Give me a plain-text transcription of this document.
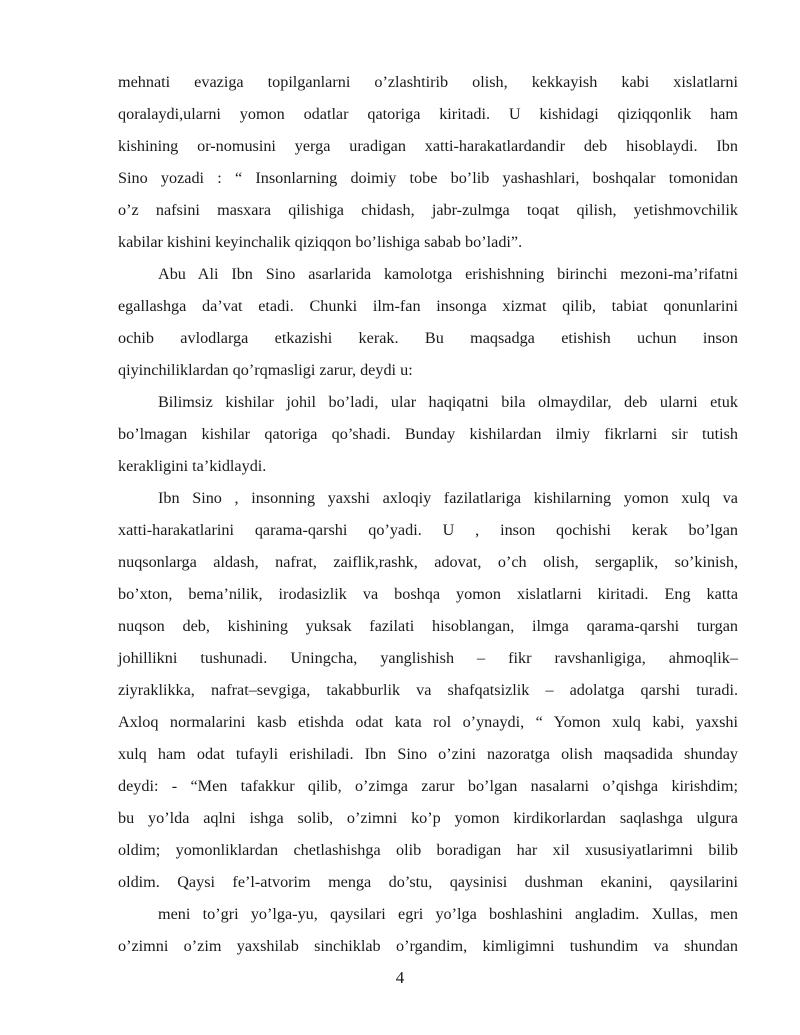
mehnati evaziga topilganlarni o’zlashtirib olish, kekkayish kabi xislatlarni
qoralaydi,ularni yomon odatlar qatoriga kiritadi. U kishidagi qiziqqonlik ham
kishining or-nomusini yerga uradigan xatti-harakatlardandir deb hisoblaydi. Ibn
Sino yozadi : “ Insonlarning doimiy tobe bo’lib yashashlari, boshqalar tomonidan
o’z nafsini masxara qilishiga chidash, jabr-zulmga toqat qilish, yetishmovchilik
kabilar kishini keyinchalik qiziqqon bo’lishiga sabab bo’ladi”.
Abu Ali Ibn Sino asarlarida kamolotga erishishning birinchi mezoni-ma’rifatni
egallashga da’vat etadi. Chunki ilm-fan insonga xizmat qilib, tabiat qonunlarini
ochib avlodlarga etkazishi kerak. Bu maqsadga etishish uchun inson
qiyinchiliklardan qo’rqmasligi zarur, deydi u:
Bilimsiz kishilar johil bo’ladi, ular haqiqatni bila olmaydilar, deb ularni etuk
bo’lmagan kishilar qatoriga qo’shadi. Bunday kishilardan ilmiy fikrlarni sir tutish
kerakligini ta’kidlaydi.
Ibn Sino , insonning yaxshi axloqiy fazilatlariga kishilarning yomon xulq va
xatti-harakatlarini qarama-qarshi qo’yadi. U , inson qochishi kerak bo’lgan
nuqsonlarga aldash, nafrat, zaiflik,rashk, adovat, o’ch olish, sergaplik, so’kinish,
bo’xton, bema’nilik, irodasizlik va boshqa yomon xislatlarni kiritadi. Eng katta
nuqson deb, kishining yuksak fazilati hisoblangan, ilmga qarama-qarshi turgan
johillikni tushunadi. Uningcha, yanglishish – fikr ravshanligiga, ahmoqlik–
ziyraklikka, nafrat–sevgiga, takabburlik va shafqatsizlik – adolatga qarshi turadi.
Axloq normalarini kasb etishda odat kata rol o’ynaydi, “ Yomon xulq kabi, yaxshi
xulq ham odat tufayli erishiladi. Ibn Sino o’zini nazoratga olish maqsadida shunday
deydi: - “Men tafakkur qilib, o’zimga zarur bo’lgan nasalarni o’qishga kirishdim;
bu yo’lda aqlni ishga solib, o’zimni ko’p yomon kirdikorlardan saqlashga ulgura
oldim; yomonliklardan chetlashishga olib boradigan har xil xususiyatlarimni bilib
oldim. Qaysi fe’l-atvorim menga do’stu, qaysinisi dushman ekanini, qaysilarini
meni to’gri yo’lga-yu, qaysilari egri yo’lga boshlashini angladim. Xullas, men
o’zimni o’zim yaxshilab sinchiklab o’rgandim, kimligimni tushundim va shundan
4
